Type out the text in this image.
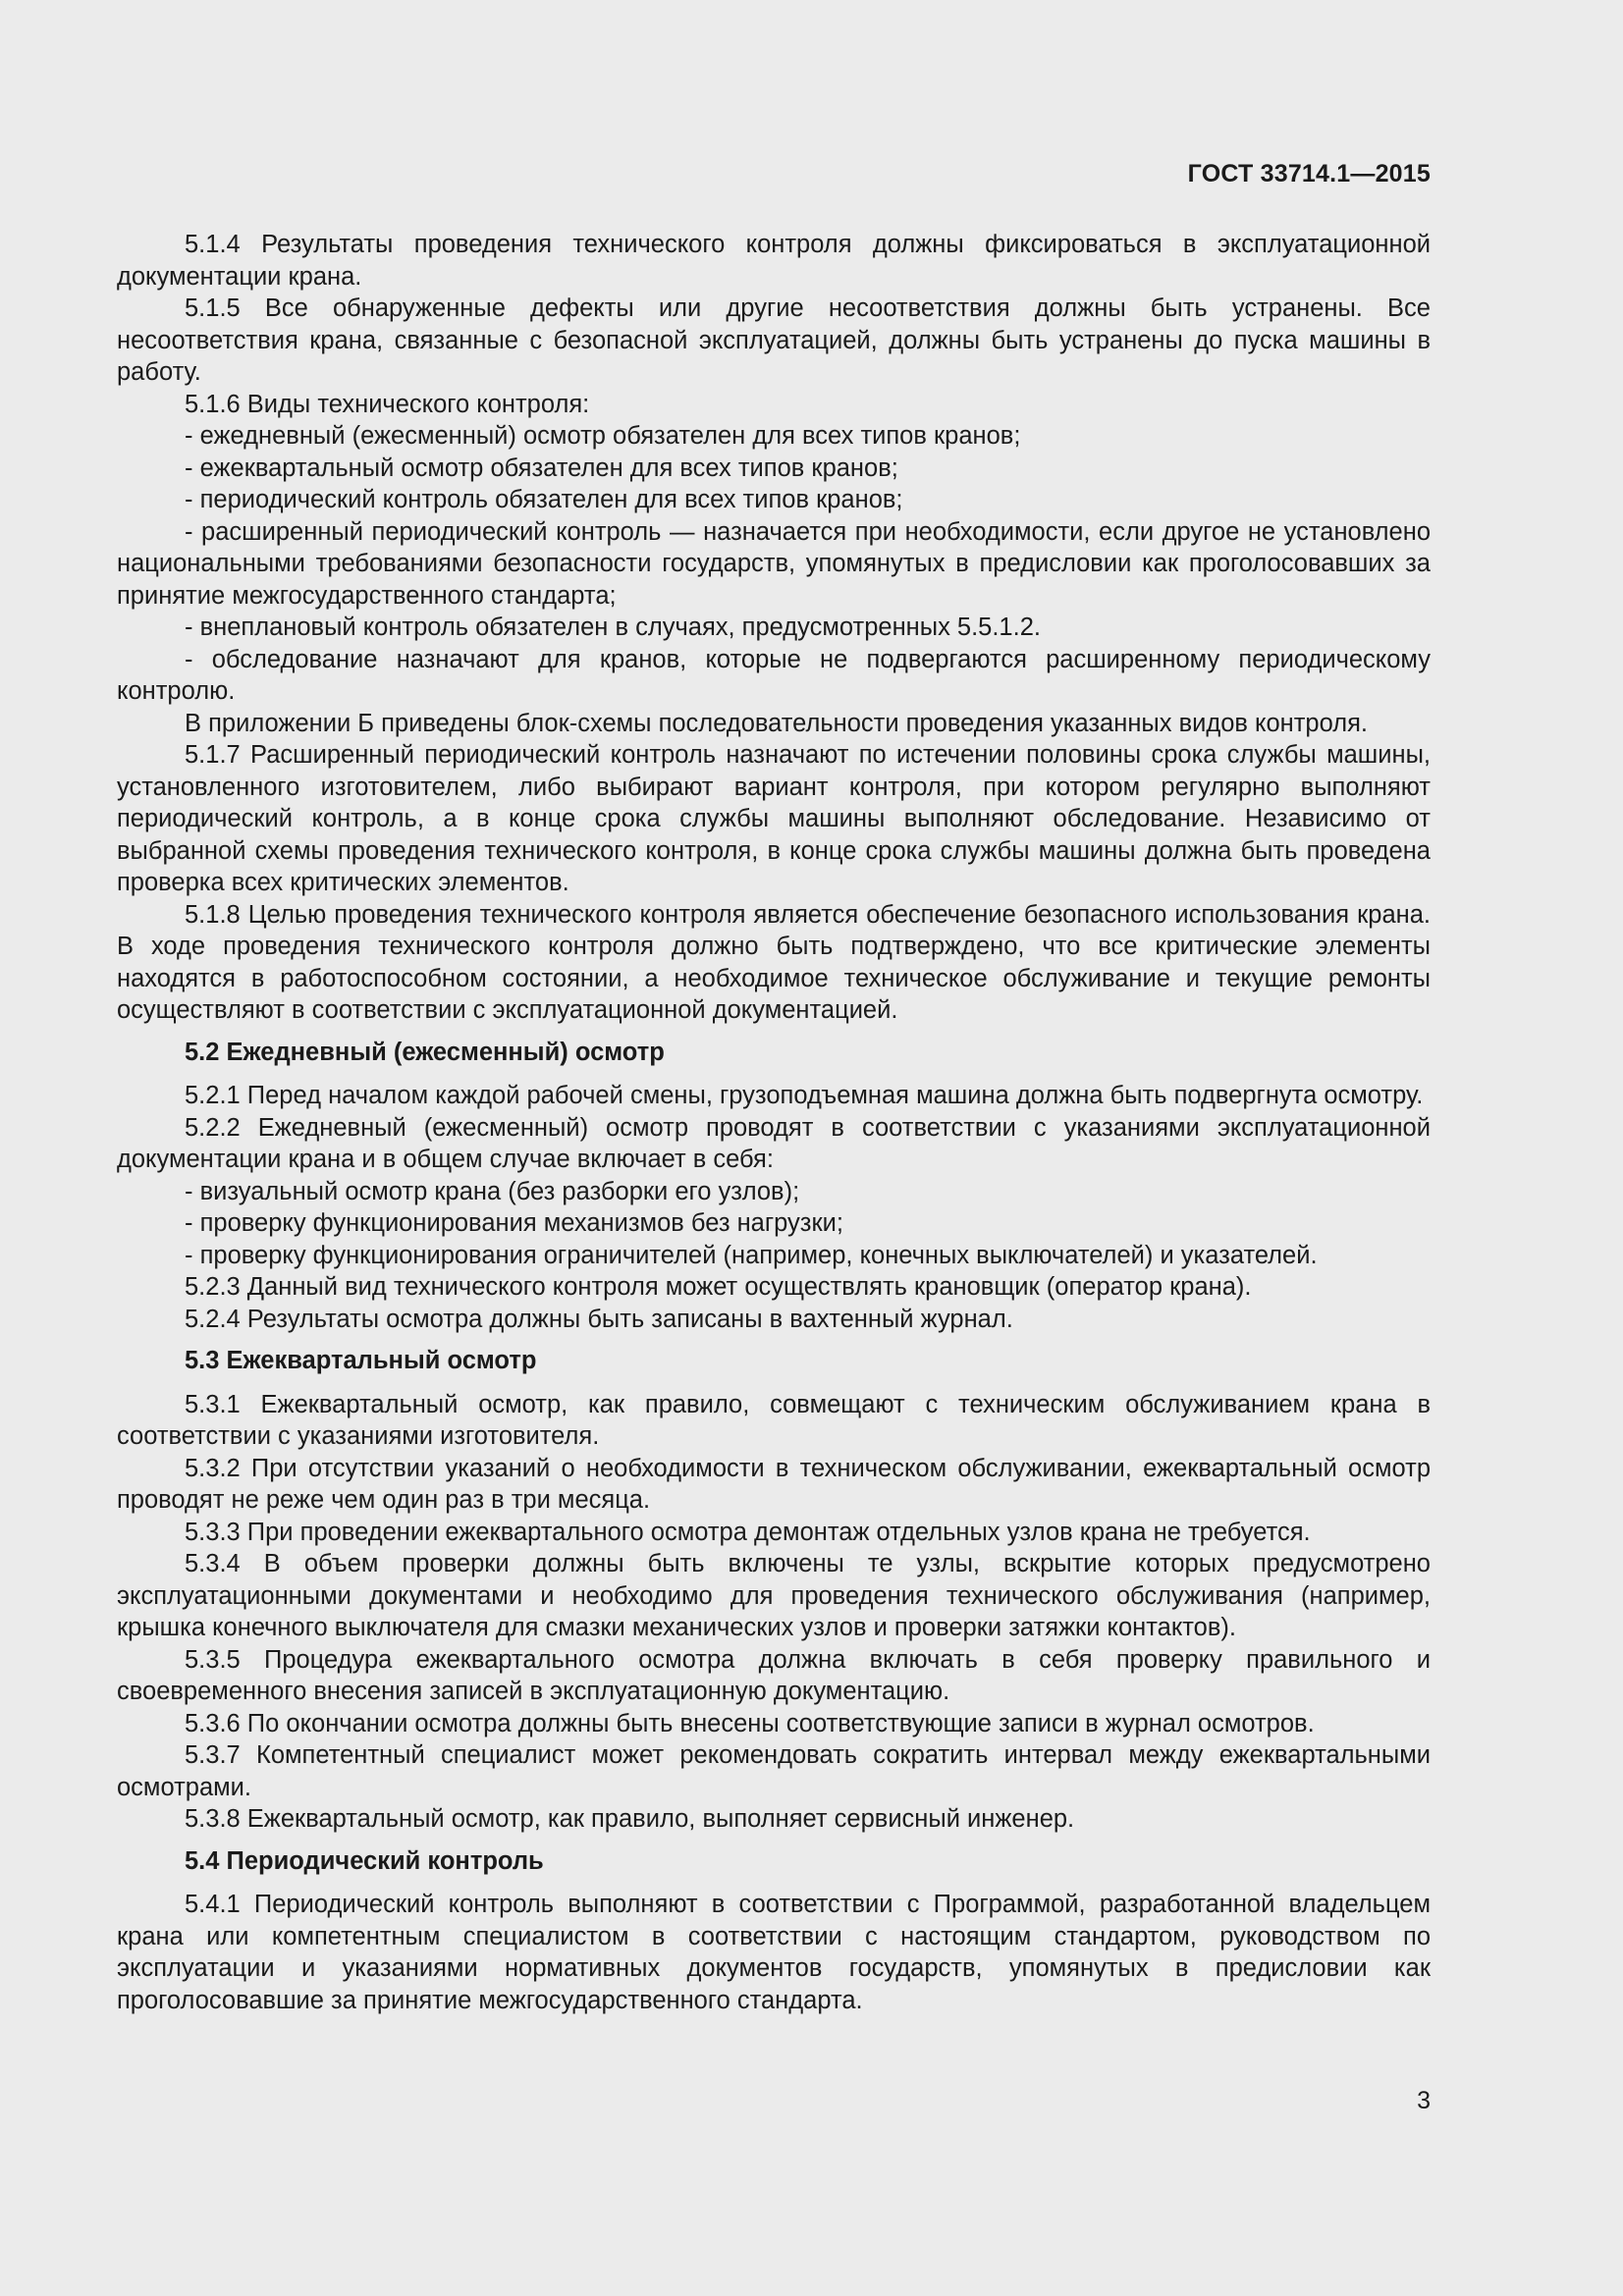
ГОСТ 33714.1—2015

5.1.4 Результаты проведения технического контроля должны фиксироваться в эксплуатационной документации крана.

5.1.5 Все обнаруженные дефекты или другие несоответствия должны быть устранены. Все несоответствия крана, связанные с безопасной эксплуатацией, должны быть устранены до пуска машины в работу.

5.1.6 Виды технического контроля:

- ежедневный (ежесменный) осмотр обязателен для всех типов кранов;

- ежеквартальный осмотр обязателен для всех типов кранов;

- периодический контроль обязателен для всех типов кранов;

- расширенный периодический контроль — назначается при необходимости, если другое не установлено национальными требованиями безопасности государств, упомянутых в предисловии как проголосовавших за принятие межгосударственного стандарта;

- внеплановый контроль обязателен в случаях, предусмотренных 5.5.1.2.

- обследование назначают для кранов, которые не подвергаются расширенному периодическому контролю.

В приложении Б приведены блок-схемы последовательности проведения указанных видов контроля.

5.1.7 Расширенный периодический контроль назначают по истечении половины срока службы машины, установленного изготовителем, либо выбирают вариант контроля, при котором регулярно выполняют периодический контроль, а в конце срока службы машины выполняют обследование. Независимо от выбранной схемы проведения технического контроля, в конце срока службы машины должна быть проведена проверка всех критических элементов.

5.1.8 Целью проведения технического контроля является обеспечение безопасного использования крана. В ходе проведения технического контроля должно быть подтверждено, что все критические элементы находятся в работоспособном состоянии, а необходимое техническое обслуживание и текущие ремонты осуществляют в соответствии с эксплуатационной документацией.

5.2 Ежедневный (ежесменный) осмотр

5.2.1 Перед началом каждой рабочей смены, грузоподъемная машина должна быть подвергнута осмотру.

5.2.2 Ежедневный (ежесменный) осмотр проводят в соответствии с указаниями эксплуатационной документации крана и в общем случае включает в себя:

- визуальный осмотр крана (без разборки его узлов);

- проверку функционирования механизмов без нагрузки;

- проверку функционирования ограничителей (например, конечных выключателей) и указателей.

5.2.3 Данный вид технического контроля может осуществлять крановщик (оператор крана).

5.2.4 Результаты осмотра должны быть записаны в вахтенный журнал.

5.3 Ежеквартальный осмотр

5.3.1 Ежеквартальный осмотр, как правило, совмещают с техническим обслуживанием крана в соответствии с указаниями изготовителя.

5.3.2 При отсутствии указаний о необходимости в техническом обслуживании, ежеквартальный осмотр проводят не реже чем один раз в три месяца.

5.3.3 При проведении ежеквартального осмотра демонтаж отдельных узлов крана не требуется.

5.3.4 В объем проверки должны быть включены те узлы, вскрытие которых предусмотрено эксплуатационными документами и необходимо для проведения технического обслуживания (например, крышка конечного выключателя для смазки механических узлов и проверки затяжки контактов).

5.3.5 Процедура ежеквартального осмотра должна включать в себя проверку правильного и своевременного внесения записей в эксплуатационную документацию.

5.3.6 По окончании осмотра должны быть внесены соответствующие записи в журнал осмотров.

5.3.7 Компетентный специалист может рекомендовать сократить интервал между ежеквартальными осмотрами.

5.3.8 Ежеквартальный осмотр, как правило, выполняет сервисный инженер.

5.4 Периодический контроль

5.4.1 Периодический контроль выполняют в соответствии с Программой, разработанной владельцем крана или компетентным специалистом в соответствии с настоящим стандартом, руководством по эксплуатации и указаниями нормативных документов государств, упомянутых в предисловии как проголосовавшие за принятие межгосударственного стандарта.

3
